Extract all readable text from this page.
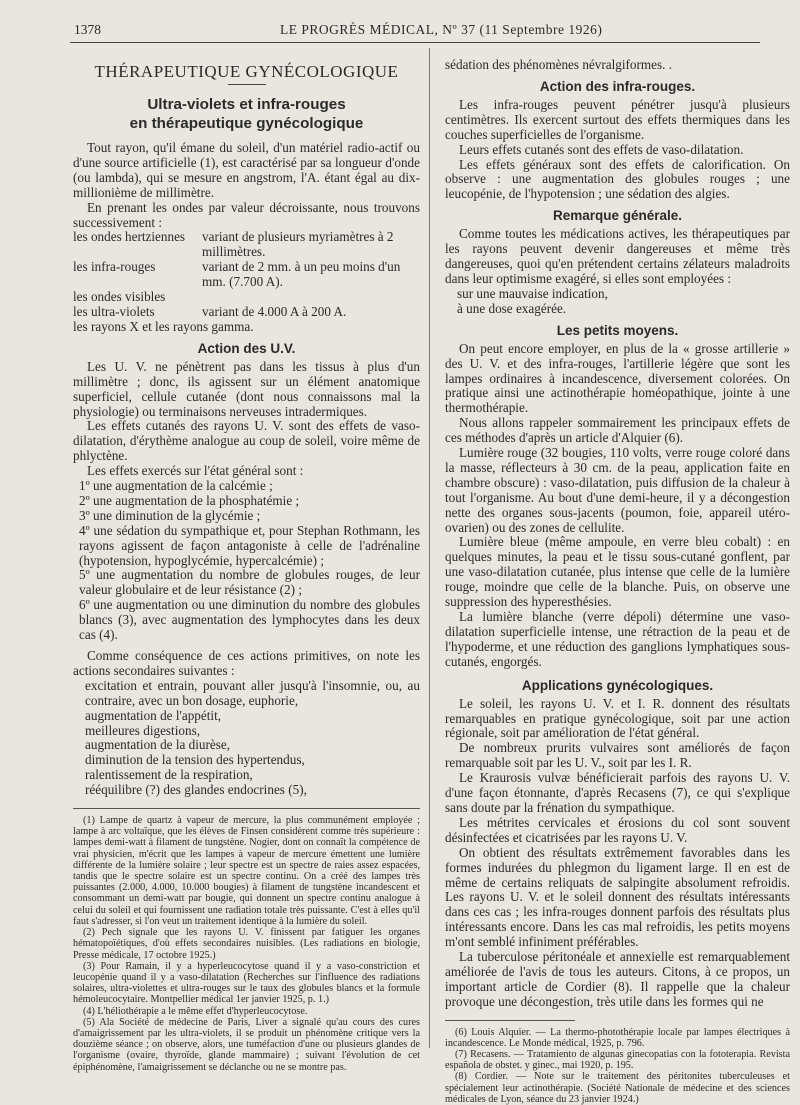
1378	LE PROGRÈS MÉDICAL, Nº 37 (11 Septembre 1926)
THÉRAPEUTIQUE GYNÉCOLOGIQUE
Ultra-violets et infra-rouges
en thérapeutique gynécologique

Tout rayon, qu'il émane du soleil, d'un matériel radio-actif ou d'une source artificielle (1), est caractérisé par sa longueur d'onde (ou lambda), qui se mesure en angstrom, l'A. étant égal au dix-millionième de millimètre.

En prenant les ondes par valeur décroissante, nous trouvons successivement :

les ondes hertziennes	variant de plusieurs myriamètres à 2 millimètres.
les infra-rouges	variant de 2 mm. à un peu moins d'un mm. (7.700 A).
les ondes visibles
les ultra-violets	variant de 4.000 A à 200 A.
les rayons X et les rayons gamma.
Action des U.V.

Les U. V. ne pénètrent pas dans les tissus à plus d'un millimètre ; donc, ils agissent sur un élément anatomique superficiel, cellule cutanée (dont nous connaissons mal la physiologie) ou terminaisons nerveuses intradermiques.

Les effets cutanés des rayons U. V. sont des effets de vaso-dilatation, d'érythème analogue au coup de soleil, voire même de phlyctène.

Les effets exercés sur l'état général sont :

1º une augmentation de la calcémie ;

2º une augmentation de la phosphatémie ;

3º une diminution de la glycémie ;

4º une sédation du sympathique et, pour Stephan Rothmann, les rayons agissent de façon antagoniste à celle de l'adrénaline (hypotension, hypoglycémie, hypercalcémie) ;

5º une augmentation du nombre de globules rouges, de leur valeur globulaire et de leur résistance (2) ;

6º une augmentation ou une diminution du nombre des globules blancs (3), avec augmentation des lymphocytes dans les deux cas (4).

Comme conséquence de ces actions primitives, on note les actions secondaires suivantes :

excitation et entrain, pouvant aller jusqu'à l'insomnie, ou, au contraire, avec un bon dosage, euphorie,

augmentation de l'appétit,

meilleures digestions,

augmentation de la diurèse,

diminution de la tension des hypertendus,

ralentissement de la respiration,

rééquilibre (?) des glandes endocrines (5),

(1) Lampe de quartz à vapeur de mercure, la plus communément employée ; lampe à arc voltaïque, que les élèves de Finsen considèrent comme très supérieure : lampes demi-watt à filament de tungstène. Nogier, dont on connaît la compétence de vrai physicien, m'écrit que les lampes à vapeur de mercure émettent une lumière différente de la lumière solaire ; leur spectre est un spectre de raies assez espacées, tandis que le spectre solaire est un spectre continu. On a créé des lampes très puissantes (2.000, 4.000, 10.000 bougies) à filament de tungstène incandescent et consommant un demi-watt par bougie, qui donnent un spectre continu analogue à celui du soleil et qui fournissent une radiation totale très puissante. C'est à elles qu'il faut s'adresser, si l'on veut un traitement identique à la lumière du soleil.

(2) Pech signale que les rayons U. V. finissent par fatiguer les organes hématopoïétiques, d'où effets secondaires nuisibles. (Les radiations en biologie, Presse médicale, 17 octobre 1925.)

(3) Pour Ramain, il y a hyperleucocytose quand il y a vaso-constriction et leucopénie quand il y a vaso-dilatation (Recherches sur l'influence des radiations solaires, ultra-violettes et ultra-rouges sur le taux des globules blancs et la formule hémoleucocytaire. Montpellier médical 1er janvier 1925, p. 1.)

(4) L'héliothérapie a le même effet d'hyperleucocytose.

(5) Ala Société de médecine de Paris, Liver a signalé qu'au cours des cures d'amaigrissement par les ultra-violets, il se produit un phénomène critique vers la douzième séance ; on observe, alors, une tuméfaction d'une ou plusieurs glandes de l'organisme (ovaire, thyroïde, glande mammaire) ; suivant l'évolution de cet épiphénomène, l'amaigrissement se déclanche ou ne se montre pas.

sédation des phénomènes névralgiformes. .

Action des infra-rouges.

Les infra-rouges peuvent pénétrer jusqu'à plusieurs centimètres. Ils exercent surtout des effets thermiques dans les couches superficielles de l'organisme.

Leurs effets cutanés sont des effets de vaso-dilatation.

Les effets généraux sont des effets de calorification. On observe : une augmentation des globules rouges ; une leucopénie, de l'hypotension ; une sédation des algies.

Remarque générale.

Comme toutes les médications actives, les thérapeutiques par les rayons peuvent devenir dangereuses et même très dangereuses, quoi qu'en prétendent certains zélateurs maladroits dans leur optimisme exagéré, si elles sont employées :

sur une mauvaise indication,

à une dose exagérée.

Les petits moyens.

On peut encore employer, en plus de la « grosse artillerie » des U. V. et des infra-rouges, l'artillerie légère que sont les lampes ordinaires à incandescence, diversement colorées. On pratique ainsi une actinothérapie homéopathique, jointe à une thermothérapie.

Nous allons rappeler sommairement les principaux effets de ces méthodes d'après un article d'Alquier (6).

Lumière rouge (32 bougies, 110 volts, verre rouge coloré dans la masse, réflecteurs à 30 cm. de la peau, application faite en chambre obscure) : vaso-dilatation, puis diffusion de la chaleur à tout l'organisme. Au bout d'une demi-heure, il y a décongestion nette des organes sous-jacents (poumon, foie, appareil utéro-ovarien) ou des zones de cellulite.

Lumière bleue (même ampoule, en verre bleu cobalt) : en quelques minutes, la peau et le tissu sous-cutané gonflent, par une vaso-dilatation cutanée, plus intense que celle de la lumière rouge, moindre que celle de la blanche. Puis, on observe une suppression des hyperesthésies.

La lumière blanche (verre dépoli) détermine une vaso-dilatation superficielle intense, une rétraction de la peau et de l'hypoderme, et une réduction des ganglions lymphatiques sous-cutanés, engorgés.

Applications gynécologiques.

Le soleil, les rayons U. V. et I. R. donnent des résultats remarquables en pratique gynécologique, soit par une action régionale, soit par amélioration de l'état général.

De nombreux prurits vulvaires sont améliorés de façon remarquable soit par les U. V., soit par les I. R.

Le Kraurosis vulvæ bénéficierait parfois des rayons U. V. d'une façon étonnante, d'après Recasens (7), ce qui s'explique sans doute par la frénation du sympathique.

Les métrites cervicales et érosions du col sont souvent désinfectées et cicatrisées par les rayons U. V.

On obtient des résultats extrêmement favorables dans les formes indurées du phlegmon du ligament large. Il en est de même de certains reliquats de salpingite absolument refroidis. Les rayons U. V. et le soleil donnent des résultats intéressants dans ces cas ; les infra-rouges donnent parfois des résultats plus intéressants encore. Dans les cas mal refroidis, les petits moyens m'ont semblé infiniment préférables.

La tuberculose péritonéale et annexielle est remarquablement améliorée de l'avis de tous les auteurs. Citons, à ce propos, un important article de Cordier (8). Il rappelle que la chaleur provoque une décongestion, très utile dans les formes qui ne

(6) Louis Alquier. — La thermo-photothérapie locale par lampes électriques à incandescence. Le Monde médical, 1925, p. 796.

(7) Recasens. — Tratamiento de algunas ginecopatias con la fototerapia. Revista española de obstet. y ginec., mai 1920, p. 195.

(8) Cordier. — Note sur le traitement des péritonites tuberculeuses et spécialement leur actinothérapie. (Société Nationale de médecine et des sciences médicales de Lyon, séance du 23 janvier 1924.)
